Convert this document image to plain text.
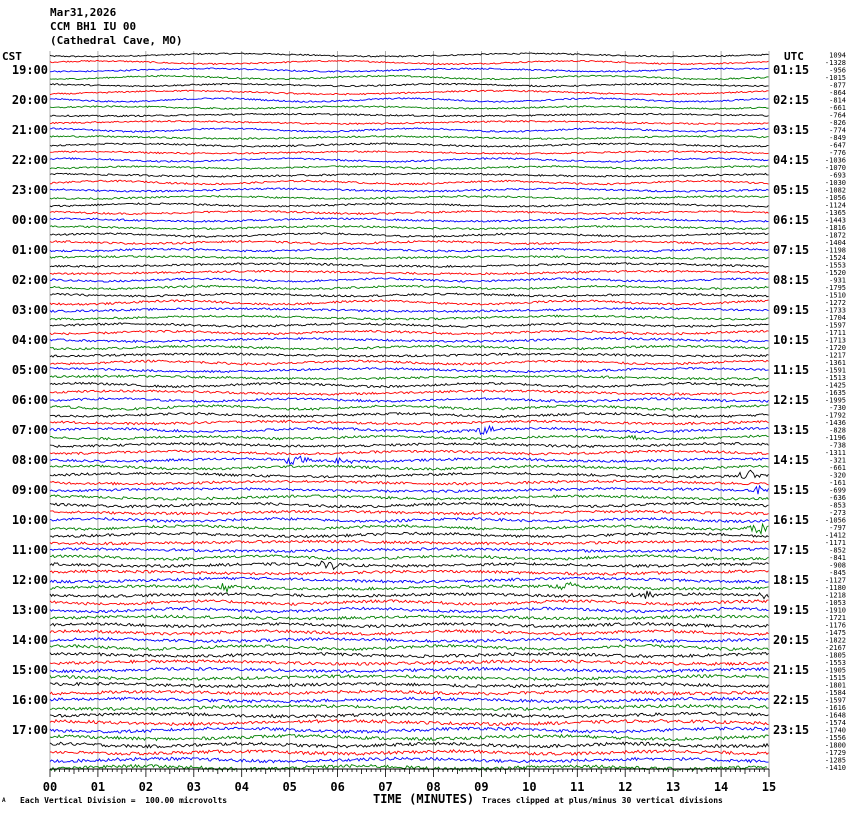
19:00
20:00
21:00
22:00
23:00
00:00
01:00
02:00
03:00
04:00
05:00
06:00
07:00
08:00
09:00
10:00
11:00
12:00
13:00
14:00
15:00
16:00
17:00
01:15
02:15
03:15
04:15
05:15
06:15
07:15
08:15
09:15
10:15
11:15
12:15
13:15
14:15
15:15
16:15
17:15
18:15
19:15
20:15
21:15
22:15
23:15
1094
-1328
-956
-1015
-877
-864
-814
-661
-764
-826
-774
-849
-647
-776
-1036
-1070
-693
-1030
-1082
-1056
-1124
-1365
-1443
-1816
-1872
-1404
-1198
-1524
-1553
-1520
-931
-1795
-1510
-1272
-1733
-1704
-1597
-1711
-1713
-1720
-1217
-1361
-1591
-1513
-1425
-1635
-1995
-730
-1792
-1436
-828
-1196
-738
-1311
-321
-661
-320
-161
-699
-636
-853
-273
-1056
-797
-1412
-1171
-852
-841
-908
-845
-1127
-1180
-1218
-1053
-1910
-1721
-1176
-1475
-1822
-2167
-1805
-1553
-1905
-1515
-1801
-1584
-1597
-1616
-1648
-1574
-1740
-1556
-1800
-1729
-1285
-1410
00	01	02	03	04	05	06	07	08	09	10	11	12	13	14	15
Mar31,2026
CCM BH1 IU 00
(Cathedral Cave, MO)
CST	UTC
TIME (MINUTES)
A Each Vertical Division =  100.00 microvolts	Traces clipped at plus/minus 30 vertical divisions
